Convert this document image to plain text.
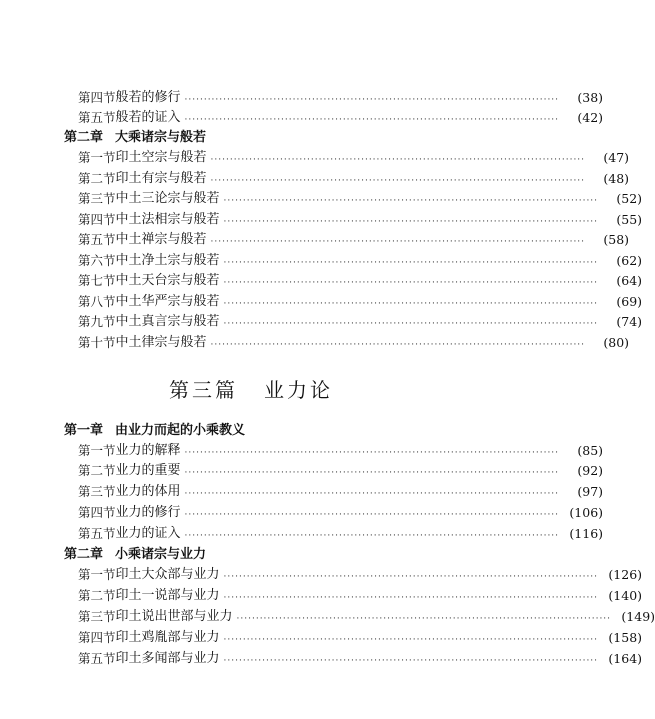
第四节 般若的修行 ·································································································	(38)
第五节 般若的证入 ·································································································	(42)
第二章 大乘诸宗与般若
第一节 印土空宗与般若 ·································································································	(47)
第二节 印土有宗与般若 ·································································································	(48)
第三节 中土三论宗与般若 ·································································································	(52)
第四节 中土法相宗与般若 ·································································································	(55)
第五节 中土禅宗与般若 ·································································································	(58)
第六节 中土净土宗与般若 ·································································································	(62)
第七节 中土天台宗与般若 ·································································································	(64)
第八节 中土华严宗与般若 ·································································································	(69)
第九节 中土真言宗与般若 ·································································································	(74)
第十节 中土律宗与般若 ·································································································	(80)
第三篇 业力论
第一章 由业力而起的小乘教义
第一节 业力的解释 ·································································································	(85)
第二节 业力的重要 ·································································································	(92)
第三节 业力的体用 ·································································································	(97)
第四节 业力的修行 ································································································· (106)
第五节 业力的证入 ································································································· (116)
第二章 小乘诸宗与业力
第一节 印土大众部与业力 ································································································· (126)
第二节 印土一说部与业力 ································································································· (140)
第三节 印土说出世部与业力 ································································································· (149)
第四节 印土鸡胤部与业力 ································································································· (158)
第五节 印土多闻部与业力 ································································································· (164)
